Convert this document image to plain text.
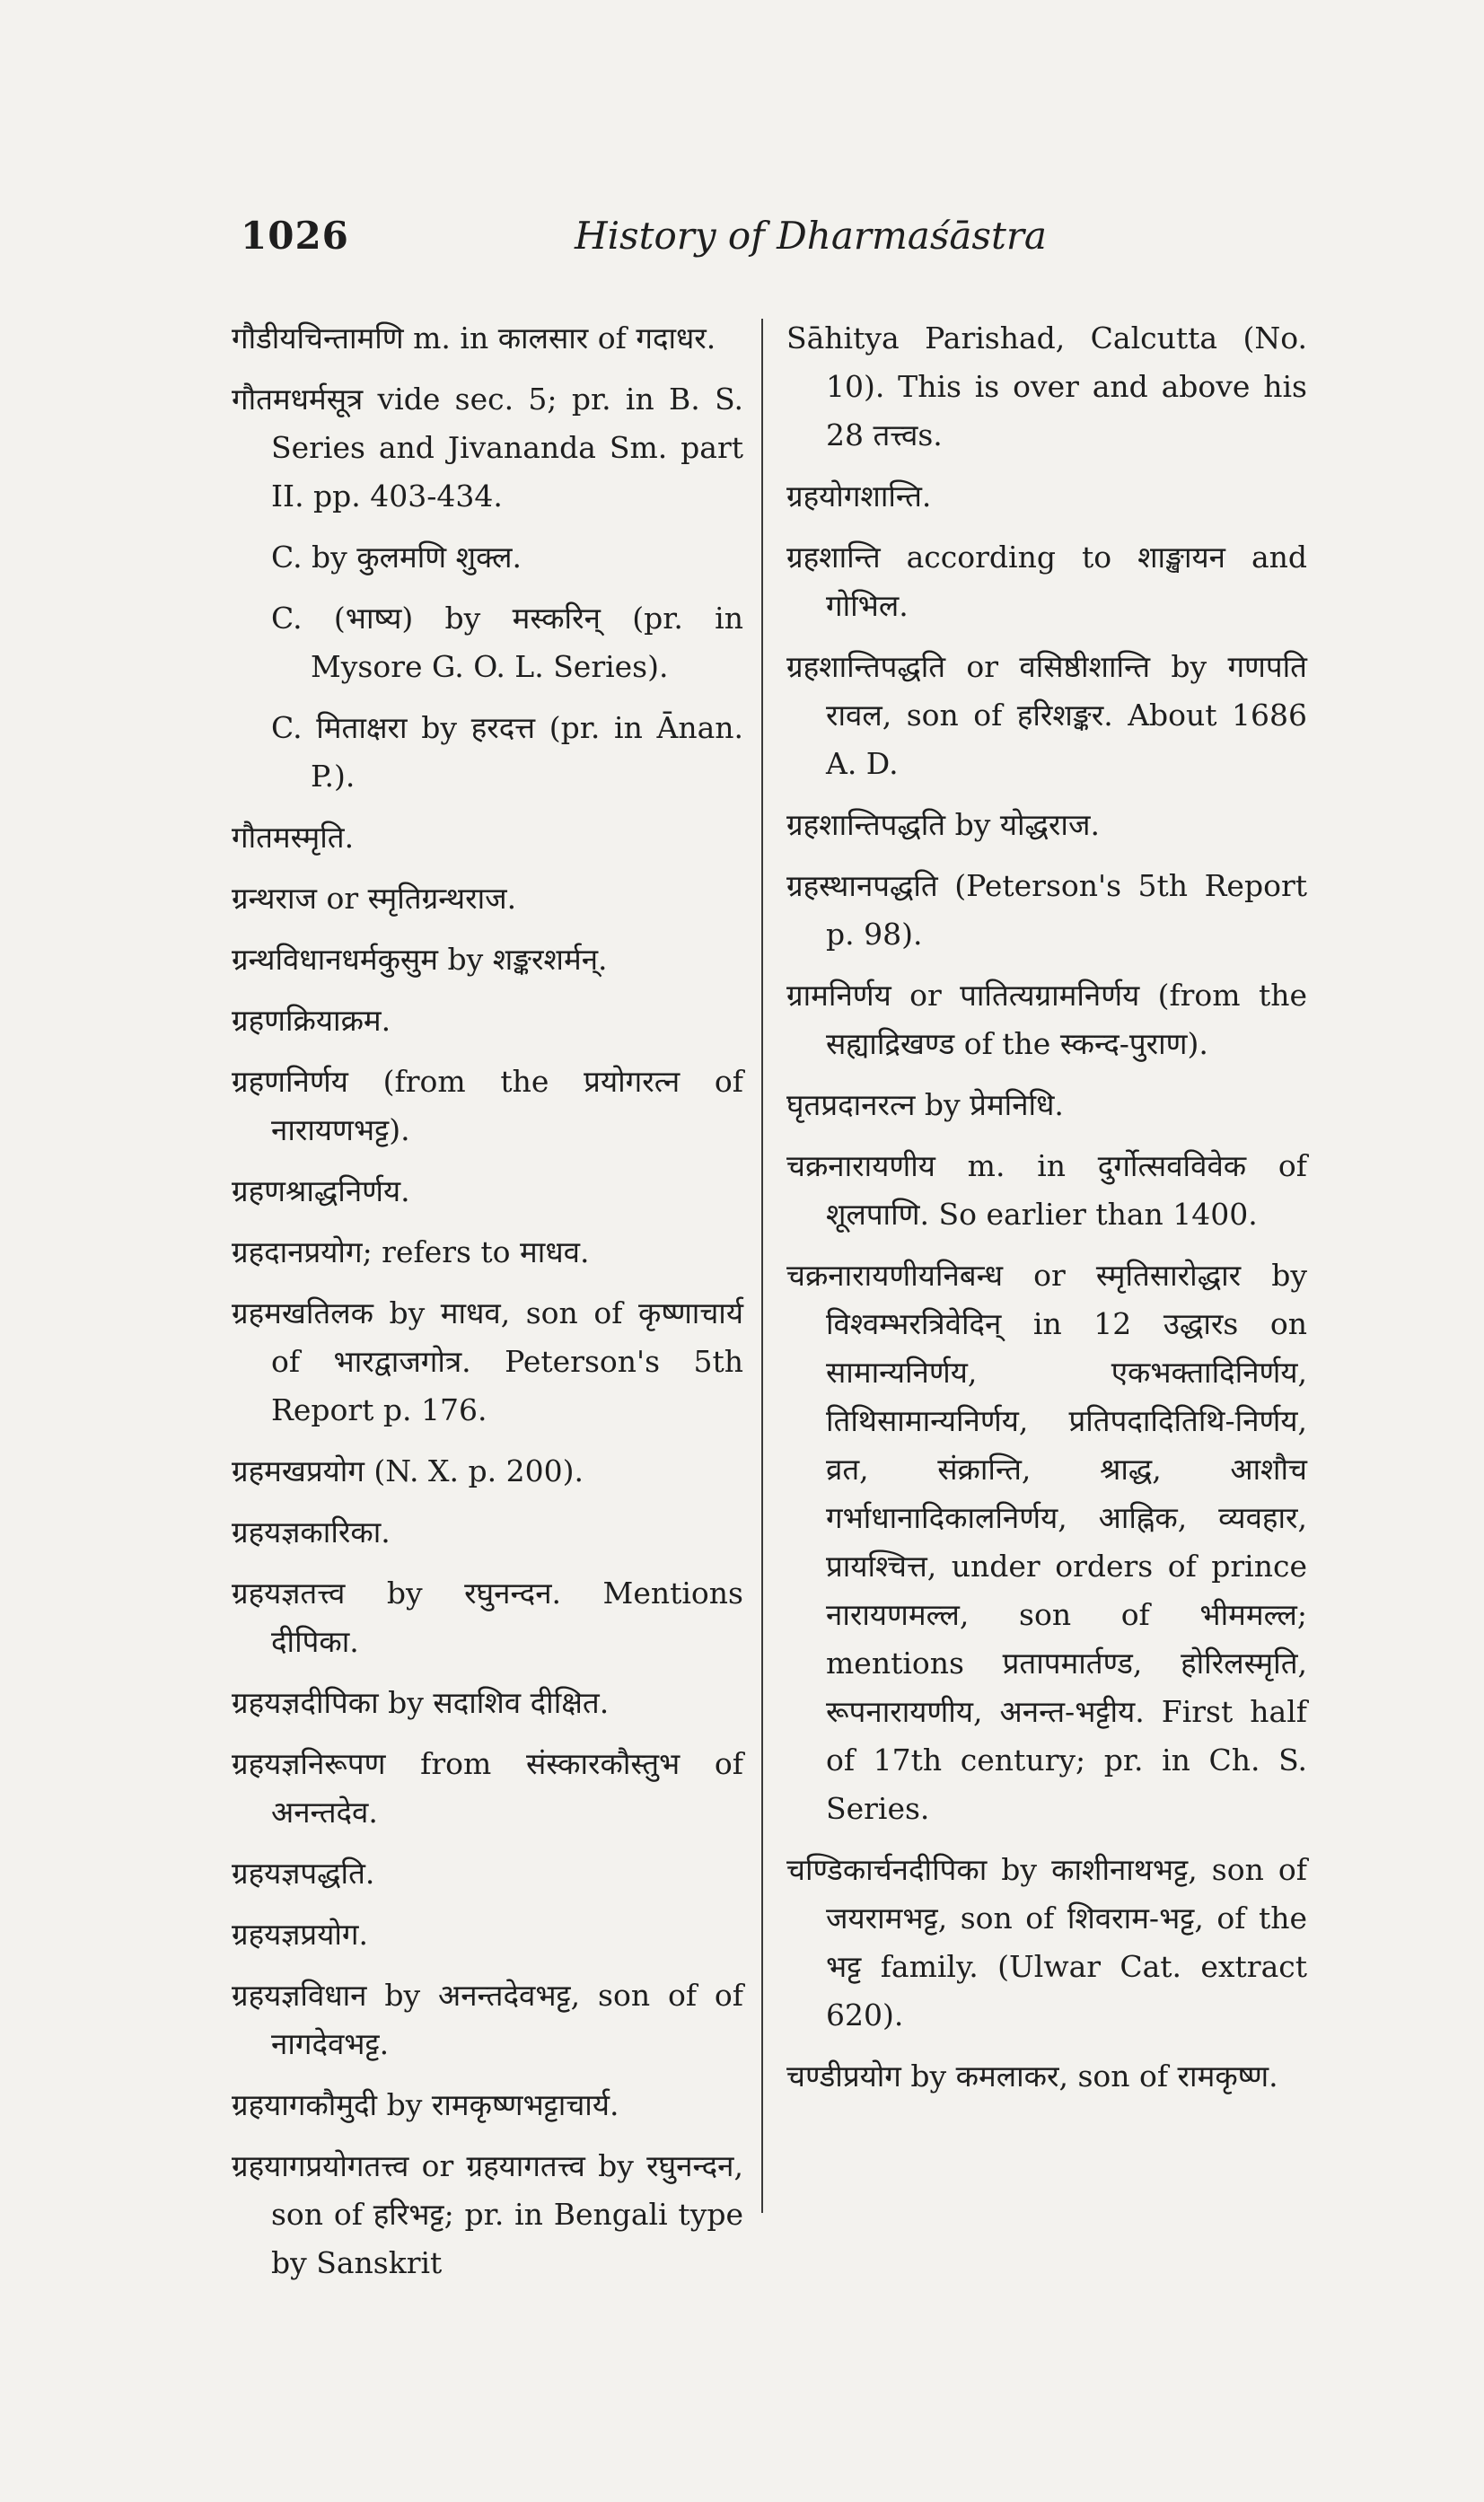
1026	History of Dharmaśāstra

गौडीयचिन्तामणि m. in कालसार of गदाधर.

गौतमधर्मसूत्र vide sec. 5; pr. in B. S. Series and Jivananda Sm. part II. pp. 403-434.

C. by कुलमणि शुक्ल.

C. (भाष्य) by मस्करिन् (pr. in Mysore G. O. L. Series).

C. मिताक्षरा by हरदत्त (pr. in Ānan. P.).

गौतमस्मृति.

ग्रन्थराज or स्मृतिग्रन्थराज.

ग्रन्थविधानधर्मकुसुम by शङ्करशर्मन्.

ग्रहणक्रियाक्रम.

ग्रहणनिर्णय (from the प्रयोगरत्न of नारायणभट्ट).

ग्रहणश्राद्धनिर्णय.

ग्रहदानप्रयोग; refers to माधव.

ग्रहमखतिलक by माधव, son of कृष्णाचार्य of भारद्वाजगोत्र. Peterson's 5th Report p. 176.

ग्रहमखप्रयोग (N. X. p. 200).

ग्रहयज्ञकारिका.

ग्रहयज्ञतत्त्व by रघुनन्दन. Mentions दीपिका.

ग्रहयज्ञदीपिका by सदाशिव दीक्षित.

ग्रहयज्ञनिरूपण from संस्कारकौस्तुभ of अनन्तदेव.

ग्रहयज्ञपद्धति.

ग्रहयज्ञप्रयोग.

ग्रहयज्ञविधान by अनन्तदेवभट्ट, son of of नागदेवभट्ट.

ग्रहयागकौमुदी by रामकृष्णभट्टाचार्य.

ग्रहयागप्रयोगतत्त्व or ग्रहयागतत्त्व by रघुनन्दन, son of हरिभट्ट; pr. in Bengali type by Sanskrit

Sāhitya Parishad, Calcutta (No. 10). This is over and above his 28 तत्त्वs.

ग्रहयोगशान्ति.

ग्रहशान्ति according to शाङ्खायन and गोभिल.

ग्रहशान्तिपद्धति or वसिष्ठीशान्ति by गणपति रावल, son of हरिशङ्कर. About 1686 A. D.

ग्रहशान्तिपद्धति by योद्धराज.

ग्रहस्थानपद्धति (Peterson's 5th Report p. 98).

ग्रामनिर्णय or पातित्यग्रामनिर्णय (from the सह्याद्रिखण्ड of the स्कन्द-पुराण).

घृतप्रदानरत्न by प्रेमनिधि.

चक्रनारायणीय m. in दुर्गोत्सवविवेक of शूलपाणि. So earlier than 1400.

चक्रनारायणीयनिबन्ध or स्मृतिसारोद्धार by विश्वम्भरत्रिवेदिन् in 12 उद्धारs on सामान्यनिर्णय, एकभक्तादिनिर्णय, तिथिसामान्यनिर्णय, प्रतिपदादितिथि-निर्णय, व्रत, संक्रान्ति, श्राद्ध, आशौच गर्भाधानादिकालनिर्णय, आह्निक, व्यवहार, प्रायश्चित्त, under orders of prince नारायणमल्ल, son of भीममल्ल; mentions प्रतापमार्तण्ड, होरिलस्मृति, रूपनारायणीय, अनन्त-भट्टीय. First half of 17th century; pr. in Ch. S. Series.

चण्डिकार्चनदीपिका by काशीनाथभट्ट, son of जयरामभट्ट, son of शिवराम-भट्ट, of the भट्ट family. (Ulwar Cat. extract 620).

चण्डीप्रयोग by कमलाकर, son of रामकृष्ण.
